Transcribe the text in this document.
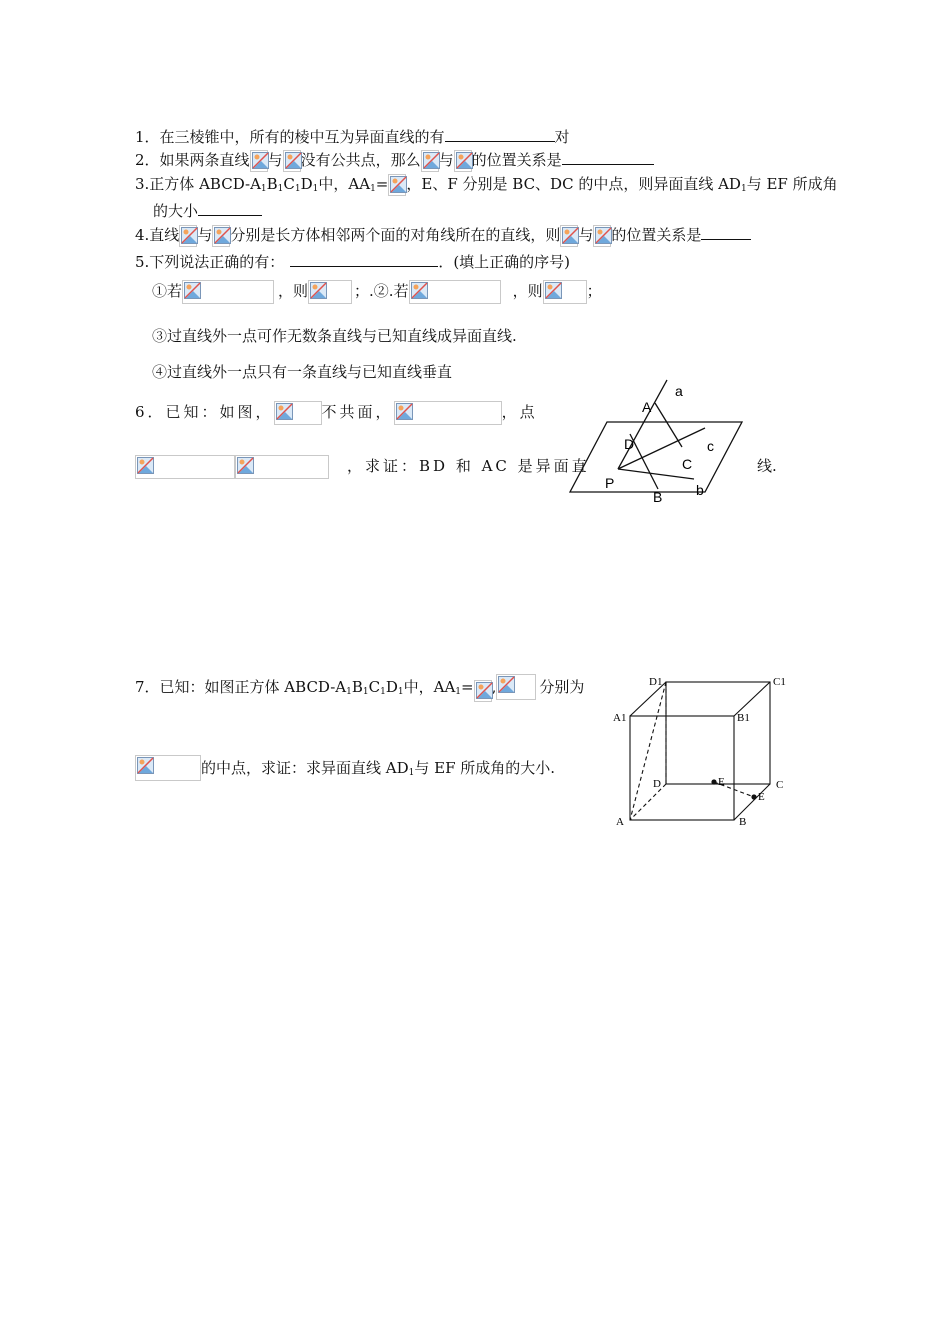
1．在三棱锥中，所有的棱中互为异面直线的有	对
2．如果两条直线 与 没有公共点，那么 与 的位置关系是
3.正方体 ABCD-$A_1B_1C_1D_1$中，$AA_1=$ ，E、F 分别是 BC、DC 的中点，则异面直线 $AD_1$与 EF 所成角
的大小
4.直线 与 分别是长方体相邻两个面的对角线所在的直线，则 与 的位置关系是
5.下列说法正确的有：	．(填上正确的序号)
①若	，则	；.②.若	，则	；
③过直线外一点可作无数条直线与已知直线成异面直线.
④过直线外一点只有一条直线与已知直线垂直
6．已知：如图，	不共面，	，点
，求证：BD 和 AC 是异面直	线.
a
A
D	c
C
P	b
B
7．已知：如图正方体 ABCD-$A_1B_1C_1D_1$中，$AA_1=$ ,	分别为
的中点，求证：求异面直线 $AD_1$与 EF 所成角的大小.
D1	C1
A1	B1
D	E	C
E
A	B
